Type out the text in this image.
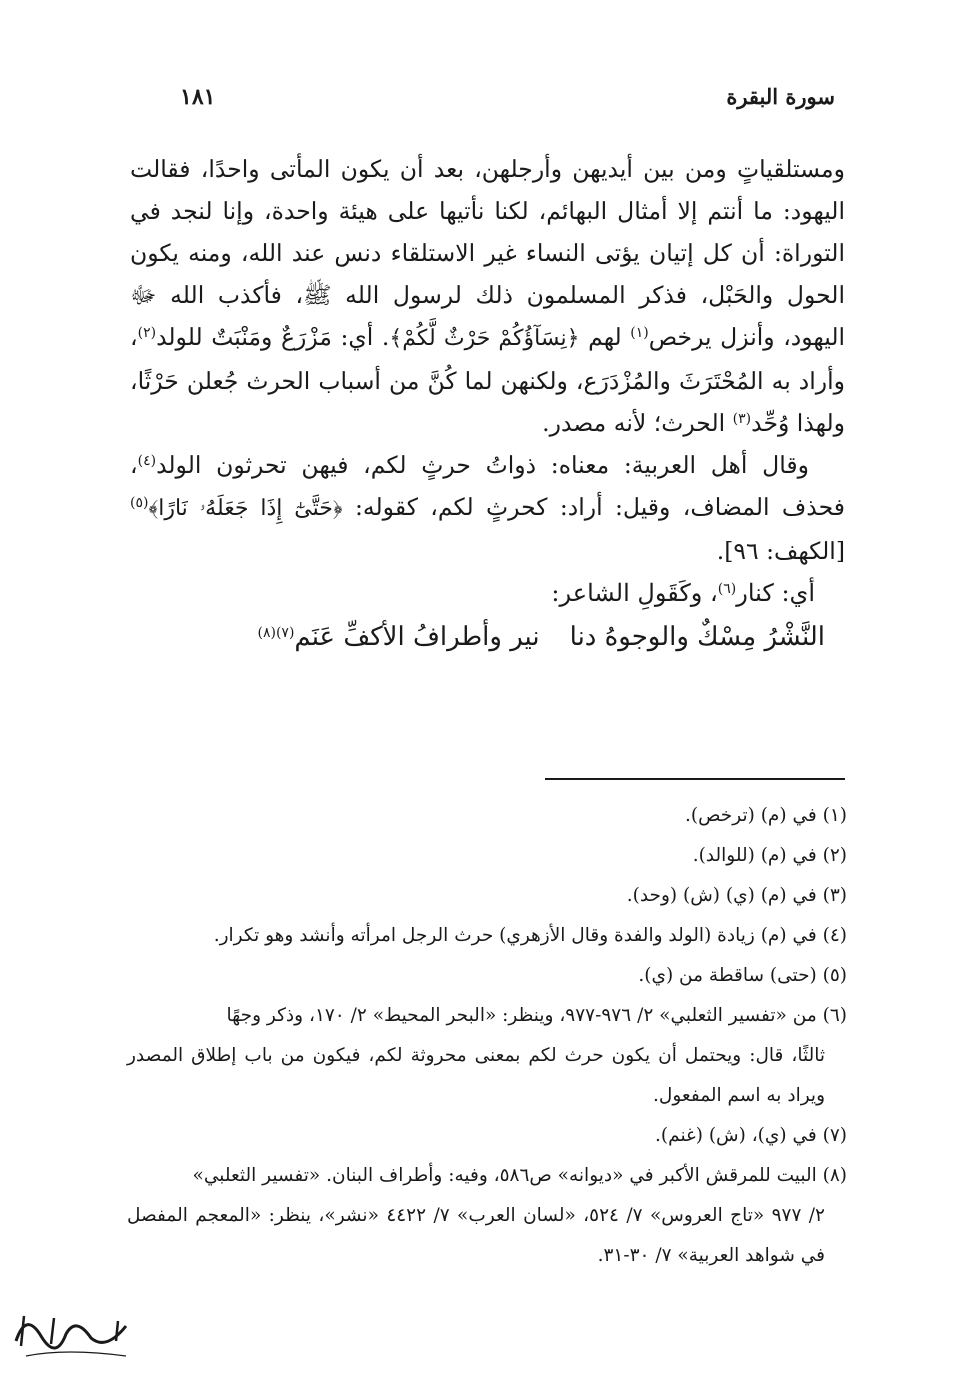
سورة البقرة
١٨١

ومستلقياتٍ ومن بين أيديهن وأرجلهن، بعد أن يكون المأتى واحدًا، فقالت اليهود: ما أنتم إلا أمثال البهائم، لكنا نأتيها على هيئة واحدة، وإنا لنجد في التوراة: أن كل إتيان يؤتى النساء غير الاستلقاء دنس عند الله، ومنه يكون الحول والحَبْل، فذكر المسلمون ذلك لرسول الله ﷺ، فأكذب الله ﷻ اليهود، وأنزل يرخص$^{(١)}$ لهم ﴿نِسَآؤُكُمْ حَرْثٌ لَّكُمْ﴾. أي: مَزْرَعٌ ومَنْبَتٌ للولد$^{(٢)}$، وأراد به المُحْتَرَثَ والمُزْدَرَع، ولكنهن لما كُنَّ من أسباب الحرث جُعلن حَرْثًا، ولهذا وُحِّد$^{(٣)}$ الحرث؛ لأنه مصدر.

وقال أهل العربية: معناه: ذواتُ حرثٍ لكم، فيهن تحرثون الولد$^{(٤)}$، فحذف المضاف، وقيل: أراد: كحرثٍ لكم، كقوله: ﴿حَتَّىٰٓ إِذَا جَعَلَهُۥ نَارًا﴾$^{(٥)}$ [الكهف: ٩٦].

أي: كنار$^{(٦)}$، وكَقَولِ الشاعر:

النَّشْرُ مِسْكٌ والوجوهُ دنانير وأطرافُ الأكفِّ عَنَم$^{(٧)(٨)}$

(١) في (م) (ترخص).

(٢) في (م) (للوالد).

(٣) في (م) (ي) (ش) (وحد).

(٤) في (م) زيادة (الولد والفدة وقال الأزهري) حرث الرجل امرأته وأنشد وهو تكرار.

(٥) (حتى) ساقطة من (ي).

(٦) من «تفسير الثعلبي» ٢/ ٩٧٦-٩٧٧، وينظر: «البحر المحيط» ٢/ ١٧٠، وذكر وجهًا

ثالثًا، قال: ويحتمل أن يكون حرث لكم بمعنى محروثة لكم، فيكون من باب إطلاق المصدر ويراد به اسم المفعول.

(٧) في (ي)، (ش) (غنم).

(٨) البيت للمرقش الأكبر في «ديوانه» ص٥٨٦، وفيه: وأطراف البنان. «تفسير الثعلبي»

٢/ ٩٧٧ «تاج العروس» ٧/ ٥٢٤، «لسان العرب» ٧/ ٤٤٢٢ «نشر»، ينظر: «المعجم المفصل في شواهد العربية» ٧/ ٣٠-٣١.
